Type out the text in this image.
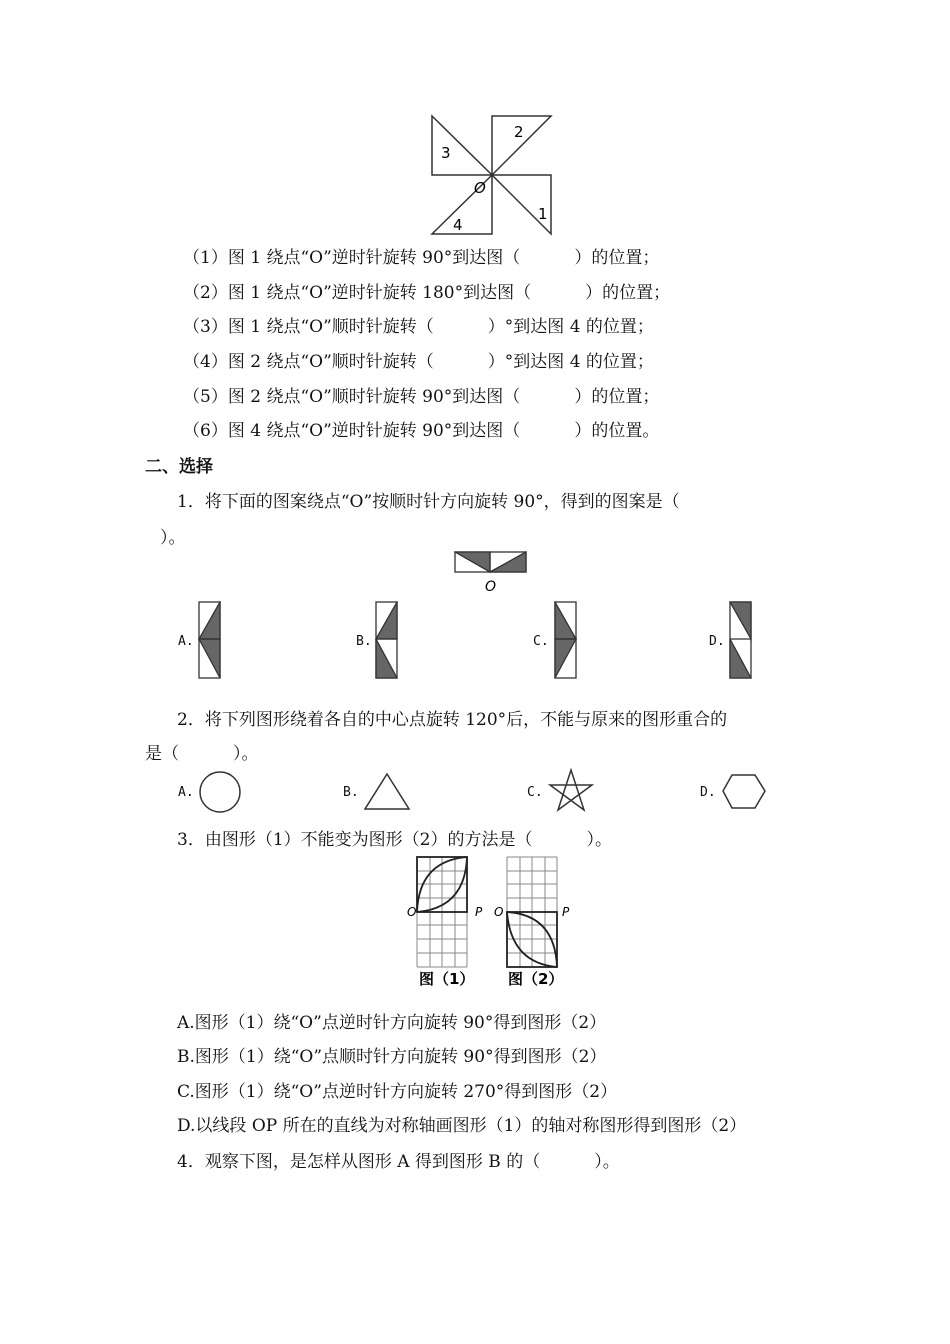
1
2
3
4
O
（1）图 1 绕点“O”逆时针旋转 90°到达图（          ）的位置；
（2）图 1 绕点“O”逆时针旋转 180°到达图（          ）的位置；
（3）图 1 绕点“O”顺时针旋转（          ）°到达图 4 的位置；
（4）图 2 绕点“O”顺时针旋转（          ）°到达图 4 的位置；
（5）图 2 绕点“O”顺时针旋转 90°到达图（          ）的位置；
（6）图 4 绕点“O”逆时针旋转 90°到达图（          ）的位置。
二、选择
1．将下面的图案绕点“O”按顺时针方向旋转 90°，得到的图案是（
）。
O
A.	B.	C.	D.
2．将下列图形绕着各自的中心点旋转 120°后，不能与原来的图形重合的
是（          ）。
A.	B.	C.	D.
3．由图形（1）不能变为图形（2）的方法是（          ）。
O	P O	P
图（1） 图（2）
A.图形（1）绕“O”点逆时针方向旋转 90°得到图形（2）
B.图形（1）绕“O”点顺时针方向旋转 90°得到图形（2）
C.图形（1）绕“O”点逆时针方向旋转 270°得到图形（2）
D.以线段 OP 所在的直线为对称轴画图形（1）的轴对称图形得到图形（2）
4．观察下图，是怎样从图形 A 得到图形 B 的（          ）。
